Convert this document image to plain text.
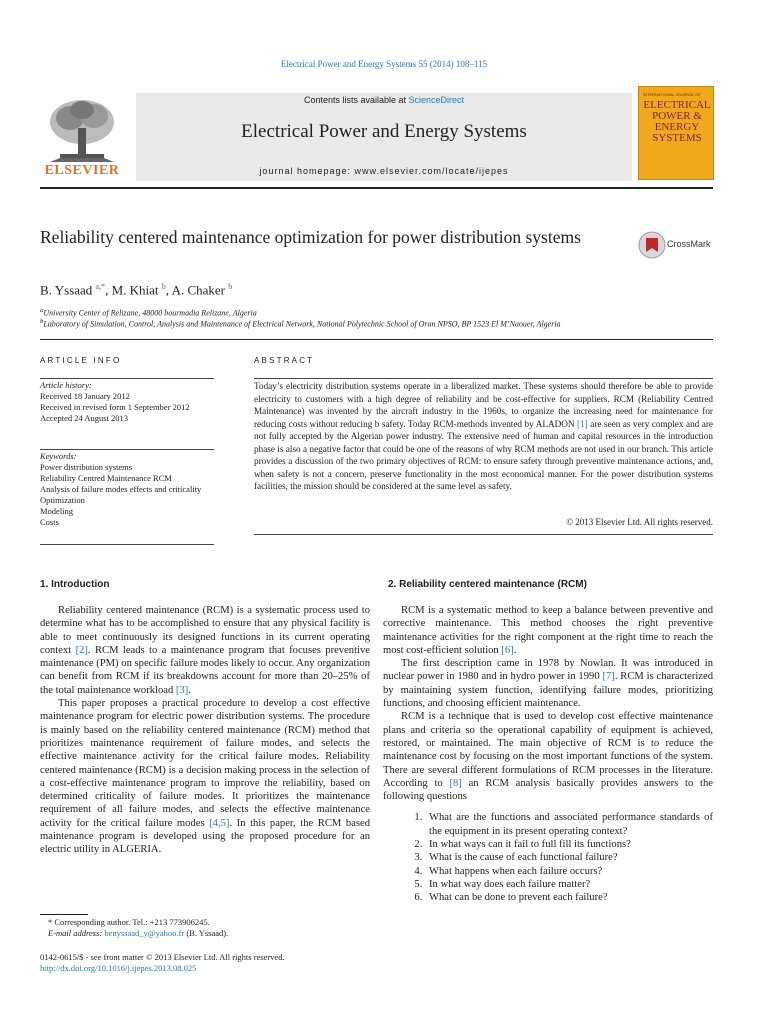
Electrical Power and Energy Systems 55 (2014) 108–115
ELSEVIER
Contents lists available at ScienceDirect
Electrical Power and Energy Systems
journal homepage: www.elsevier.com/locate/ijepes
INTERNATIONAL JOURNAL OF
ELECTRICAL POWER & ENERGY SYSTEMS
Reliability centered maintenance optimization for power distribution systems	CrossMark
B. Yssaad $^{a,*}$, M. Khiat $^b$, A. Chaker $^b$
$^a$University Center of Relizane, 48000 bourmadia Relizane, Algeria
$^b$Laboratory of Simulation, Control, Analysis and Maintenance of Electrical Network, National Polytechnic School of Oran NPSO, BP 1523 El M’Naouer, Algeria
ARTICLE INFO	ABSTRACT
Article history:
Received 18 January 2012
Received in revised form 1 September 2012
Accepted 24 August 2013
Keywords:
Power distribution systems
Reliability Centred Maintenance RCM
Analysis of failure modes effects and criticality
Optimization
Modeling
Costs
Today’s electricity distribution systems operate in a liberalized market. These systems should therefore be able to provide electricity to customers with a high degree of reliability and be cost-effective for suppliers. RCM (Reliability Centred Maintenance) was invented by the aircraft industry in the 1960s, to organize the increasing need for maintenance for reducing costs without reducing b safety. Today RCM-methods invented by ALADON [1] are seen as very complex and are not fully accepted by the Algerian power industry. The extensive need of human and capital resources in the introduction phase is also a negative factor that could be one of the reasons of why RCM methods are not used in our branch. This article provides a discussion of the two primary objectives of RCM: to ensure safety through preventive maintenance actions, and, when safety is not a concern, preserve functionality in the most economical manner. For the power distribution systems facilities, the mission should be considered at the same level as safety.
© 2013 Elsevier Ltd. All rights reserved.
1. Introduction	2. Reliability centered maintenance (RCM)

Reliability centered maintenance (RCM) is a systematic process used to determine what has to be accomplished to ensure that any physical facility is able to meet continuously its designed functions in its current operating context [2]. RCM leads to a maintenance program that focuses preventive maintenance (PM) on specific failure modes likely to occur. Any organization can benefit from RCM if its breakdowns account for more than 20–25% of the total maintenance workload [3].

This paper proposes a practical procedure to develop a cost effective maintenance program for electric power distribution systems. The procedure is mainly based on the reliability centered maintenance (RCM) method that prioritizes maintenance requirement of failure modes, and selects the effective maintenance activity for the critical failure modes. Reliability centered maintenance (RCM) is a decision making process in the selection of a cost-effective maintenance program to improve the reliability, based on determined criticality of failure modes. It prioritizes the maintenance requirement of all failure modes, and selects the effective maintenance activity for the critical failure modes [4,5]. In this paper, the RCM based maintenance program is developed using the proposed procedure for an electric utility in ALGERIA.

RCM is a systematic method to keep a balance between preventive and corrective maintenance. This method chooses the right preventive maintenance activities for the right component at the right time to reach the most cost-efficient solution [6].

The first description came in 1978 by Nowlan. It was introduced in nuclear power in 1980 and in hydro power in 1990 [7]. RCM is characterized by maintaining system function, identifying failure modes, prioritizing functions, and choosing efficient maintenance.

RCM is a technique that is used to develop cost effective maintenance plans and criteria so the operational capability of equipment is achieved, restored, or maintained. The main objective of RCM is to reduce the maintenance cost by focusing on the most important functions of the system. There are several different formulations of RCM processes in the literature. According to [8] an RCM analysis basically provides answers to the following questions

1. What are the functions and associated performance standards of the equipment in its present operating context?
2. In what ways can it fail to full fill its functions?
3. What is the cause of each functional failure?
4. What happens when each failure occurs?
5. In what way does each failure matter?
6. What can be done to prevent each failure?
* Corresponding author. Tel.: +213 773906245.
E-mail address: benyssaad_y@yahoo.fr (B. Yssaad).
0142-0615/$ - see front matter © 2013 Elsevier Ltd. All rights reserved.
http://dx.doi.org/10.1016/j.ijepes.2013.08.025
